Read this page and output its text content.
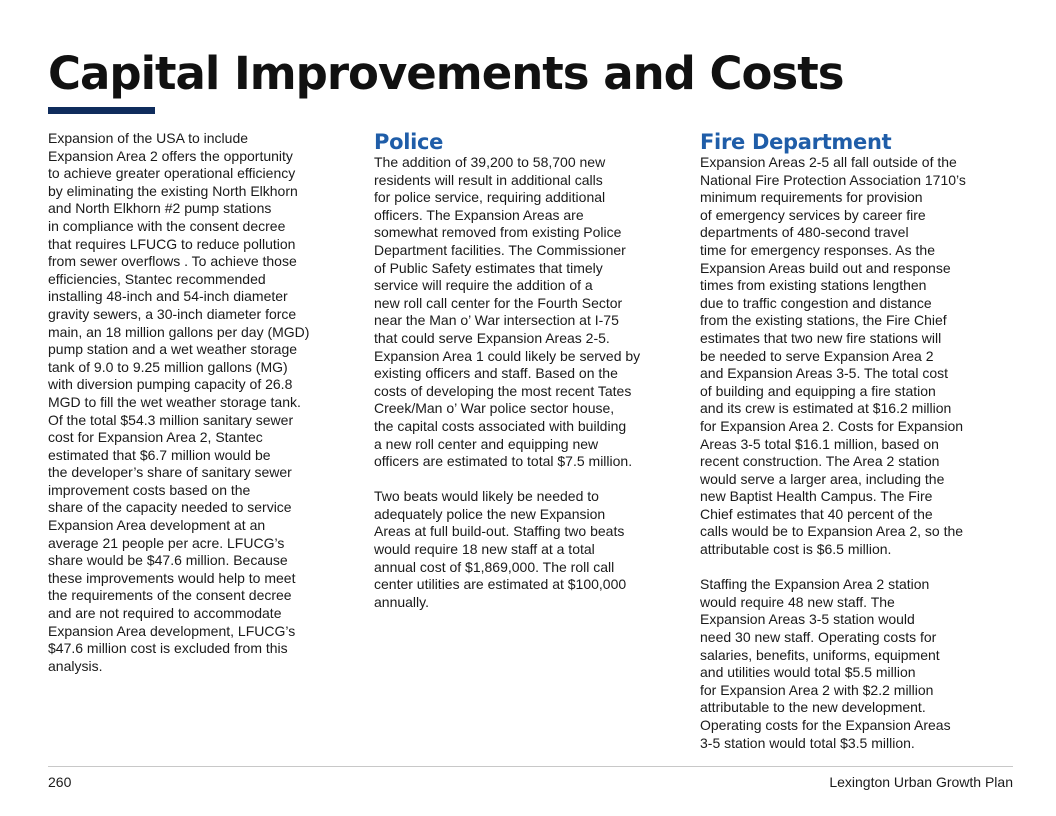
Capital Improvements and Costs

Expansion of the USA to include
Expansion Area 2 offers the opportunity
to achieve greater operational efficiency
by eliminating the existing North Elkhorn
and North Elkhorn #2 pump stations
in compliance with the consent decree
that requires LFUCG to reduce pollution
from sewer overflows . To achieve those
efficiencies, Stantec recommended
installing 48-inch and 54-inch diameter
gravity sewers, a 30-inch diameter force
main, an 18 million gallons per day (MGD)
pump station and a wet weather storage
tank of 9.0 to 9.25 million gallons (MG)
with diversion pumping capacity of 26.8
MGD to fill the wet weather storage tank.
Of the total $54.3 million sanitary sewer
cost for Expansion Area 2, Stantec
estimated that $6.7 million would be
the developer’s share of sanitary sewer
improvement costs based on the
share of the capacity needed to service
Expansion Area development at an
average 21 people per acre. LFUCG’s
share would be $47.6 million. Because
these improvements would help to meet
the requirements of the consent decree
and are not required to accommodate
Expansion Area development, LFUCG’s
$47.6 million cost is excluded from this
analysis.

Police

The addition of 39,200 to 58,700 new
residents will result in additional calls
for police service, requiring additional
officers. The Expansion Areas are
somewhat removed from existing Police
Department facilities. The Commissioner
of Public Safety estimates that timely
service will require the addition of a
new roll call center for the Fourth Sector
near the Man o’ War intersection at I-75
that could serve Expansion Areas 2-5.
Expansion Area 1 could likely be served by
existing officers and staff. Based on the
costs of developing the most recent Tates
Creek/Man o’ War police sector house,
the capital costs associated with building
a new roll center and equipping new
officers are estimated to total $7.5 million.

Two beats would likely be needed to
adequately police the new Expansion
Areas at full build-out. Staffing two beats
would require 18 new staff at a total
annual cost of $1,869,000. The roll call
center utilities are estimated at $100,000
annually.

Fire Department

Expansion Areas 2-5 all fall outside of the
National Fire Protection Association 1710’s
minimum requirements for provision
of emergency services by career fire
departments of 480-second travel
time for emergency responses. As the
Expansion Areas build out and response
times from existing stations lengthen
due to traffic congestion and distance
from the existing stations, the Fire Chief
estimates that two new fire stations will
be needed to serve Expansion Area 2
and Expansion Areas 3-5. The total cost
of building and equipping a fire station
and its crew is estimated at $16.2 million
for Expansion Area 2. Costs for Expansion
Areas 3-5 total $16.1 million, based on
recent construction. The Area 2 station
would serve a larger area, including the
new Baptist Health Campus. The Fire
Chief estimates that 40 percent of the
calls would be to Expansion Area 2, so the
attributable cost is $6.5 million.

Staffing the Expansion Area 2 station
would require 48 new staff. The
Expansion Areas 3-5 station would
need 30 new staff. Operating costs for
salaries, benefits, uniforms, equipment
and utilities would total $5.5 million
for Expansion Area 2 with $2.2 million
attributable to the new development.
Operating costs for the Expansion Areas
3-5 station would total $3.5 million.

260	Lexington Urban Growth Plan
